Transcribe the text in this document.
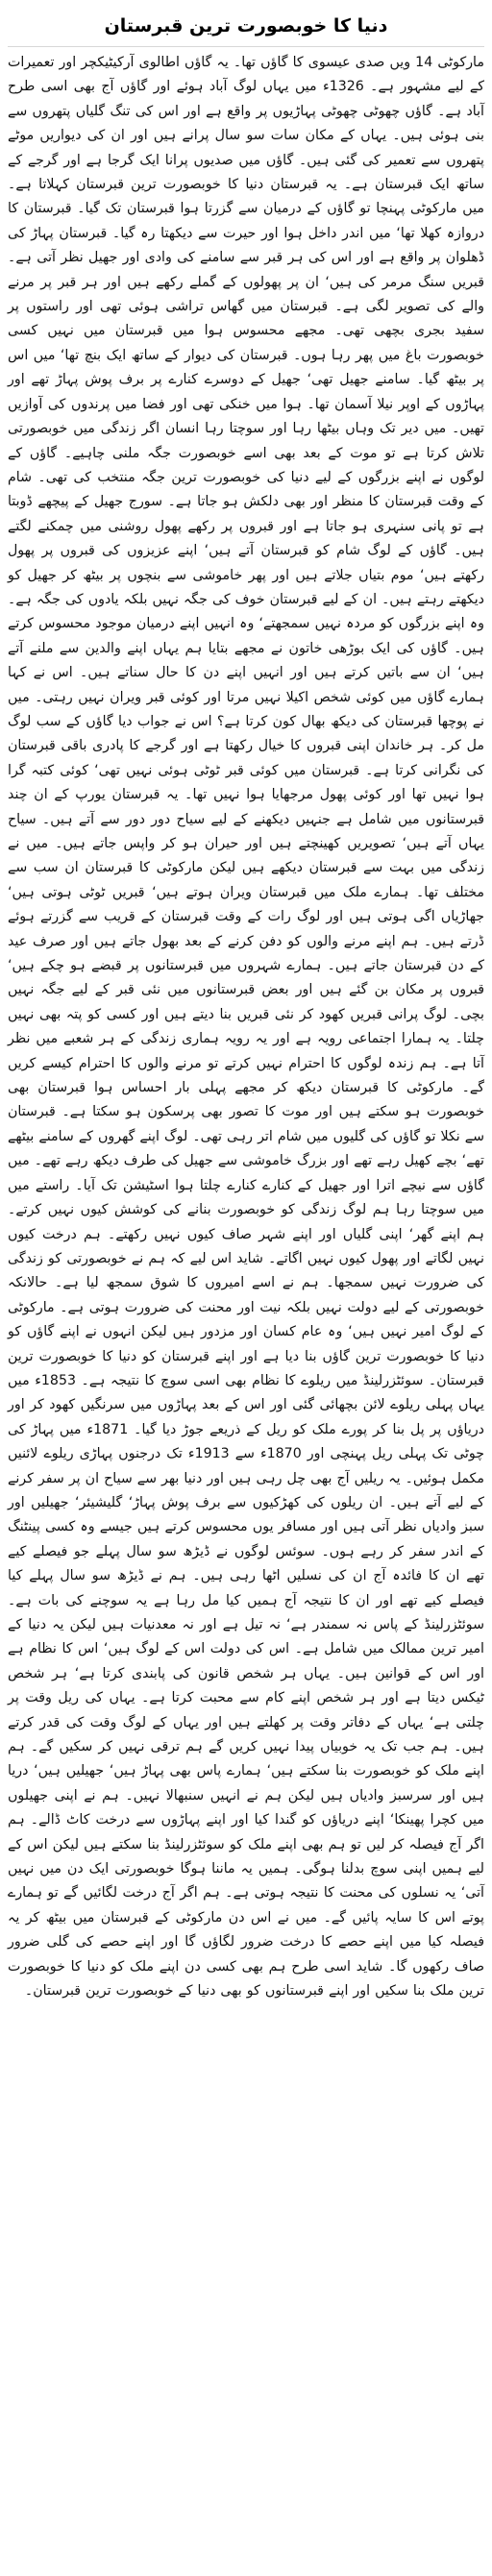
دنیا کا خوبصورت ترین قبرستان

مارکوٹی 14 ویں صدی عیسوی کا گاؤں تھا۔ یہ گاؤں اطالوی آرکیٹیکچر اور تعمیرات کے لیے مشہور ہے۔ 1326ء میں یہاں لوگ آباد ہوئے اور گاؤں آج بھی اسی طرح آباد ہے۔ گاؤں چھوٹی چھوٹی پہاڑیوں پر واقع ہے اور اس کی تنگ گلیاں پتھروں سے بنی ہوئی ہیں۔ یہاں کے مکان سات سو سال پرانے ہیں اور ان کی دیواریں موٹے پتھروں سے تعمیر کی گئی ہیں۔ گاؤں میں صدیوں پرانا ایک گرجا ہے اور گرجے کے ساتھ ایک قبرستان ہے۔ یہ قبرستان دنیا کا خوبصورت ترین قبرستان کہلاتا ہے۔ میں مارکوٹی پہنچا تو گاؤں کے درمیان سے گزرتا ہوا قبرستان تک گیا۔ قبرستان کا دروازہ کھلا تھا‘ میں اندر داخل ہوا اور حیرت سے دیکھتا رہ گیا۔ قبرستان پہاڑ کی ڈھلوان پر واقع ہے اور اس کی ہر قبر سے سامنے کی وادی اور جھیل نظر آتی ہے۔ قبریں سنگ مرمر کی ہیں‘ ان پر پھولوں کے گملے رکھے ہیں اور ہر قبر پر مرنے والے کی تصویر لگی ہے۔ قبرستان میں گھاس تراشی ہوئی تھی اور راستوں پر سفید بجری بچھی تھی۔ مجھے محسوس ہوا میں قبرستان میں نہیں کسی خوبصورت باغ میں پھر رہا ہوں۔ قبرستان کی دیوار کے ساتھ ایک بنچ تھا‘ میں اس پر بیٹھ گیا۔ سامنے جھیل تھی‘ جھیل کے دوسرے کنارے پر برف پوش پہاڑ تھے اور پہاڑوں کے اوپر نیلا آسمان تھا۔ ہوا میں خنکی تھی اور فضا میں پرندوں کی آوازیں تھیں۔ میں دیر تک وہاں بیٹھا رہا اور سوچتا رہا انسان اگر زندگی میں خوبصورتی تلاش کرتا ہے تو موت کے بعد بھی اسے خوبصورت جگہ ملنی چاہیے۔ گاؤں کے لوگوں نے اپنے بزرگوں کے لیے دنیا کی خوبصورت ترین جگہ منتخب کی تھی۔ شام کے وقت قبرستان کا منظر اور بھی دلکش ہو جاتا ہے۔ سورج جھیل کے پیچھے ڈوبتا ہے تو پانی سنہری ہو جاتا ہے اور قبروں پر رکھے پھول روشنی میں چمکنے لگتے ہیں۔ گاؤں کے لوگ شام کو قبرستان آتے ہیں‘ اپنے عزیزوں کی قبروں پر پھول رکھتے ہیں‘ موم بتیاں جلاتے ہیں اور پھر خاموشی سے بنچوں پر بیٹھ کر جھیل کو دیکھتے رہتے ہیں۔ ان کے لیے قبرستان خوف کی جگہ نہیں بلکہ یادوں کی جگہ ہے۔ وہ اپنے بزرگوں کو مردہ نہیں سمجھتے‘ وہ انہیں اپنے درمیان موجود محسوس کرتے ہیں۔ گاؤں کی ایک بوڑھی خاتون نے مجھے بتایا ہم یہاں اپنے والدین سے ملنے آتے ہیں‘ ان سے باتیں کرتے ہیں اور انہیں اپنے دن کا حال سناتے ہیں۔ اس نے کہا ہمارے گاؤں میں کوئی شخص اکیلا نہیں مرتا اور کوئی قبر ویران نہیں رہتی۔ میں نے پوچھا قبرستان کی دیکھ بھال کون کرتا ہے؟ اس نے جواب دیا گاؤں کے سب لوگ مل کر۔ ہر خاندان اپنی قبروں کا خیال رکھتا ہے اور گرجے کا پادری باقی قبرستان کی نگرانی کرتا ہے۔ قبرستان میں کوئی قبر ٹوٹی ہوئی نہیں تھی‘ کوئی کتبہ گرا ہوا نہیں تھا اور کوئی پھول مرجھایا ہوا نہیں تھا۔ یہ قبرستان یورپ کے ان چند قبرستانوں میں شامل ہے جنہیں دیکھنے کے لیے سیاح دور دور سے آتے ہیں۔ سیاح یہاں آتے ہیں‘ تصویریں کھینچتے ہیں اور حیران ہو کر واپس جاتے ہیں۔ میں نے زندگی میں بہت سے قبرستان دیکھے ہیں لیکن مارکوٹی کا قبرستان ان سب سے مختلف تھا۔ ہمارے ملک میں قبرستان ویران ہوتے ہیں‘ قبریں ٹوٹی ہوتی ہیں‘ جھاڑیاں اگی ہوتی ہیں اور لوگ رات کے وقت قبرستان کے قریب سے گزرتے ہوئے ڈرتے ہیں۔ ہم اپنے مرنے والوں کو دفن کرنے کے بعد بھول جاتے ہیں اور صرف عید کے دن قبرستان جاتے ہیں۔ ہمارے شہروں میں قبرستانوں پر قبضے ہو چکے ہیں‘ قبروں پر مکان بن گئے ہیں اور بعض قبرستانوں میں نئی قبر کے لیے جگہ نہیں بچی۔ لوگ پرانی قبریں کھود کر نئی قبریں بنا دیتے ہیں اور کسی کو پتہ بھی نہیں چلتا۔ یہ ہمارا اجتماعی رویہ ہے اور یہ رویہ ہماری زندگی کے ہر شعبے میں نظر آتا ہے۔ ہم زندہ لوگوں کا احترام نہیں کرتے تو مرنے والوں کا احترام کیسے کریں گے۔ مارکوٹی کا قبرستان دیکھ کر مجھے پہلی بار احساس ہوا قبرستان بھی خوبصورت ہو سکتے ہیں اور موت کا تصور بھی پرسکون ہو سکتا ہے۔ قبرستان سے نکلا تو گاؤں کی گلیوں میں شام اتر رہی تھی۔ لوگ اپنے گھروں کے سامنے بیٹھے تھے‘ بچے کھیل رہے تھے اور بزرگ خاموشی سے جھیل کی طرف دیکھ رہے تھے۔ میں گاؤں سے نیچے اترا اور جھیل کے کنارے کنارے چلتا ہوا اسٹیشن تک آیا۔ راستے میں میں سوچتا رہا ہم لوگ زندگی کو خوبصورت بنانے کی کوشش کیوں نہیں کرتے۔ ہم اپنے گھر‘ اپنی گلیاں اور اپنے شہر صاف کیوں نہیں رکھتے۔ ہم درخت کیوں نہیں لگاتے اور پھول کیوں نہیں اگاتے۔ شاید اس لیے کہ ہم نے خوبصورتی کو زندگی کی ضرورت نہیں سمجھا۔ ہم نے اسے امیروں کا شوق سمجھ لیا ہے۔ حالانکہ خوبصورتی کے لیے دولت نہیں بلکہ نیت اور محنت کی ضرورت ہوتی ہے۔ مارکوٹی کے لوگ امیر نہیں ہیں‘ وہ عام کسان اور مزدور ہیں لیکن انہوں نے اپنے گاؤں کو دنیا کا خوبصورت ترین گاؤں بنا دیا ہے اور اپنے قبرستان کو دنیا کا خوبصورت ترین قبرستان۔ سوئٹزرلینڈ میں ریلوے کا نظام بھی اسی سوچ کا نتیجہ ہے۔ 1853ء میں یہاں پہلی ریلوے لائن بچھائی گئی اور اس کے بعد پہاڑوں میں سرنگیں کھود کر اور دریاؤں پر پل بنا کر پورے ملک کو ریل کے ذریعے جوڑ دیا گیا۔ 1871ء میں پہاڑ کی چوٹی تک پہلی ریل پہنچی اور 1870ء سے 1913ء تک درجنوں پہاڑی ریلوے لائنیں مکمل ہوئیں۔ یہ ریلیں آج بھی چل رہی ہیں اور دنیا بھر سے سیاح ان پر سفر کرنے کے لیے آتے ہیں۔ ان ریلوں کی کھڑکیوں سے برف پوش پہاڑ‘ گلیشیئر‘ جھیلیں اور سبز وادیاں نظر آتی ہیں اور مسافر یوں محسوس کرتے ہیں جیسے وہ کسی پینٹنگ کے اندر سفر کر رہے ہوں۔ سوئس لوگوں نے ڈیڑھ سو سال پہلے جو فیصلے کیے تھے ان کا فائدہ آج ان کی نسلیں اٹھا رہی ہیں۔ ہم نے ڈیڑھ سو سال پہلے کیا فیصلے کیے تھے اور ان کا نتیجہ آج ہمیں کیا مل رہا ہے یہ سوچنے کی بات ہے۔ سوئٹزرلینڈ کے پاس نہ سمندر ہے‘ نہ تیل ہے اور نہ معدنیات ہیں لیکن یہ دنیا کے امیر ترین ممالک میں شامل ہے۔ اس کی دولت اس کے لوگ ہیں‘ اس کا نظام ہے اور اس کے قوانین ہیں۔ یہاں ہر شخص قانون کی پابندی کرتا ہے‘ ہر شخص ٹیکس دیتا ہے اور ہر شخص اپنے کام سے محبت کرتا ہے۔ یہاں کی ریل وقت پر چلتی ہے‘ یہاں کے دفاتر وقت پر کھلتے ہیں اور یہاں کے لوگ وقت کی قدر کرتے ہیں۔ ہم جب تک یہ خوبیاں پیدا نہیں کریں گے ہم ترقی نہیں کر سکیں گے۔ ہم اپنے ملک کو خوبصورت بنا سکتے ہیں‘ ہمارے پاس بھی پہاڑ ہیں‘ جھیلیں ہیں‘ دریا ہیں اور سرسبز وادیاں ہیں لیکن ہم نے انہیں سنبھالا نہیں۔ ہم نے اپنی جھیلوں میں کچرا پھینکا‘ اپنے دریاؤں کو گندا کیا اور اپنے پہاڑوں سے درخت کاٹ ڈالے۔ ہم اگر آج فیصلہ کر لیں تو ہم بھی اپنے ملک کو سوئٹزرلینڈ بنا سکتے ہیں لیکن اس کے لیے ہمیں اپنی سوچ بدلنا ہوگی۔ ہمیں یہ ماننا ہوگا خوبصورتی ایک دن میں نہیں آتی‘ یہ نسلوں کی محنت کا نتیجہ ہوتی ہے۔ ہم اگر آج درخت لگائیں گے تو ہمارے پوتے اس کا سایہ پائیں گے۔ میں نے اس دن مارکوٹی کے قبرستان میں بیٹھ کر یہ فیصلہ کیا میں اپنے حصے کا درخت ضرور لگاؤں گا اور اپنے حصے کی گلی ضرور صاف رکھوں گا۔ شاید اسی طرح ہم بھی کسی دن اپنے ملک کو دنیا کا خوبصورت ترین ملک بنا سکیں اور اپنے قبرستانوں کو بھی دنیا کے خوبصورت ترین قبرستان۔
